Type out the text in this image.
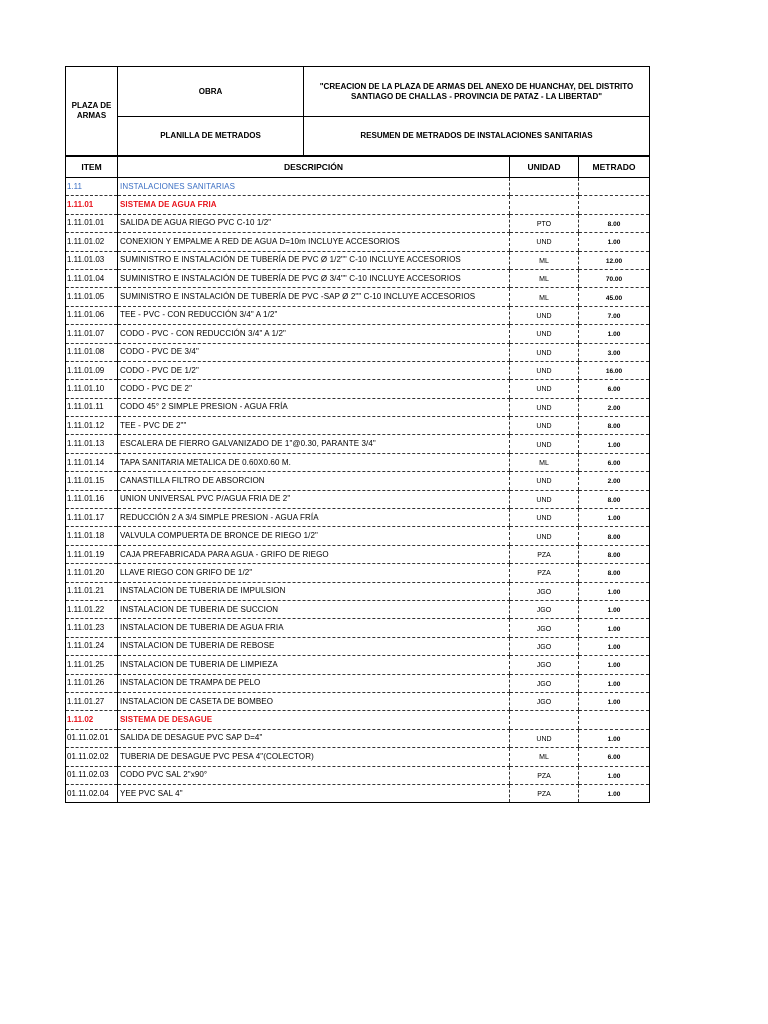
PLAZA DE ARMAS	OBRA	"CREACION DE LA PLAZA DE ARMAS DEL ANEXO DE HUANCHAY, DEL DISTRITO SANTIAGO DE CHALLAS - PROVINCIA DE PATAZ - LA LIBERTAD"
	PLANILLA DE METRADOS	RESUMEN DE METRADOS DE INSTALACIONES SANITARIAS
ITEM	DESCRIPCIÓN	UNIDAD	METRADO
1.11	INSTALACIONES SANITARIAS		
1.11.01	SISTEMA DE AGUA FRIA		
1.11.01.01	SALIDA DE AGUA RIEGO PVC C-10 1/2"	PTO	8.00
1.11.01.02	CONEXION Y EMPALME A RED DE AGUA D=10m INCLUYE ACCESORIOS	UND	1.00
1.11.01.03	SUMINISTRO E INSTALACIÓN DE TUBERÍA DE PVC Ø 1/2"" C-10 INCLUYE ACCESORIOS	ML	12.00
1.11.01.04	SUMINISTRO E INSTALACIÓN DE TUBERÍA DE PVC Ø 3/4"" C-10 INCLUYE ACCESORIOS	ML	70.00
1.11.01.05	SUMINISTRO E INSTALACIÓN DE TUBERÍA DE PVC -SAP Ø 2"" C-10 INCLUYE ACCESORIOS	ML	45.00
1.11.01.06	TEE - PVC - CON REDUCCIÓN 3/4" A 1/2"	UND	7.00
1.11.01.07	CODO - PVC - CON REDUCCIÓN 3/4" A 1/2"	UND	1.00
1.11.01.08	CODO - PVC DE 3/4"	UND	3.00
1.11.01.09	CODO - PVC DE 1/2"	UND	16.00
1.11.01.10	CODO - PVC DE 2"	UND	6.00
1.11.01.11	CODO 45° 2 SIMPLE PRESION - AGUA FRÍA	UND	2.00
1.11.01.12	TEE - PVC DE 2""	UND	8.00
1.11.01.13	ESCALERA DE FIERRO GALVANIZADO DE 1"@0.30, PARANTE 3/4"	UND	1.00
1.11.01.14	TAPA SANITARIA METALICA DE 0.60X0.60 M.	ML	6.00
1.11.01.15	CANASTILLA FILTRO DE ABSORCION	UND	2.00
1.11.01.16	UNION UNIVERSAL PVC P/AGUA FRIA DE 2"	UND	8.00
1.11.01.17	REDUCCIÓN 2 A 3/4 SIMPLE PRESION - AGUA FRÍA	UND	1.00
1.11.01.18	VALVULA COMPUERTA DE BRONCE DE RIEGO 1/2"	UND	8.00
1.11.01.19	CAJA PREFABRICADA PARA AGUA - GRIFO DE RIEGO	PZA	8.00
1.11.01.20	LLAVE RIEGO CON GRIFO DE 1/2"	PZA	8.00
1.11.01.21	INSTALACION DE TUBERIA DE IMPULSION	JGO	1.00
1.11.01.22	INSTALACION DE TUBERIA DE SUCCION	JGO	1.00
1.11.01.23	INSTALACION DE TUBERIA DE AGUA FRIA	JGO	1.00
1.11.01.24	INSTALACION DE TUBERIA DE REBOSE	JGO	1.00
1.11.01.25	INSTALACION DE TUBERIA DE LIMPIEZA	JGO	1.00
1.11.01.26	INSTALACION DE TRAMPA DE PELO	JGO	1.00
1.11.01.27	INSTALACION DE CASETA DE BOMBEO	JGO	1.00
1.11.02	SISTEMA DE DESAGUE		
01.11.02.01	SALIDA DE DESAGUE PVC SAP D=4"	UND	1.00
01.11.02.02	TUBERIA DE DESAGUE PVC PESA 4"(COLECTOR)	ML	6.00
01.11.02.03	CODO PVC SAL 2"x90°	PZA	1.00
01.11.02.04	YEE PVC SAL 4"	PZA	1.00
